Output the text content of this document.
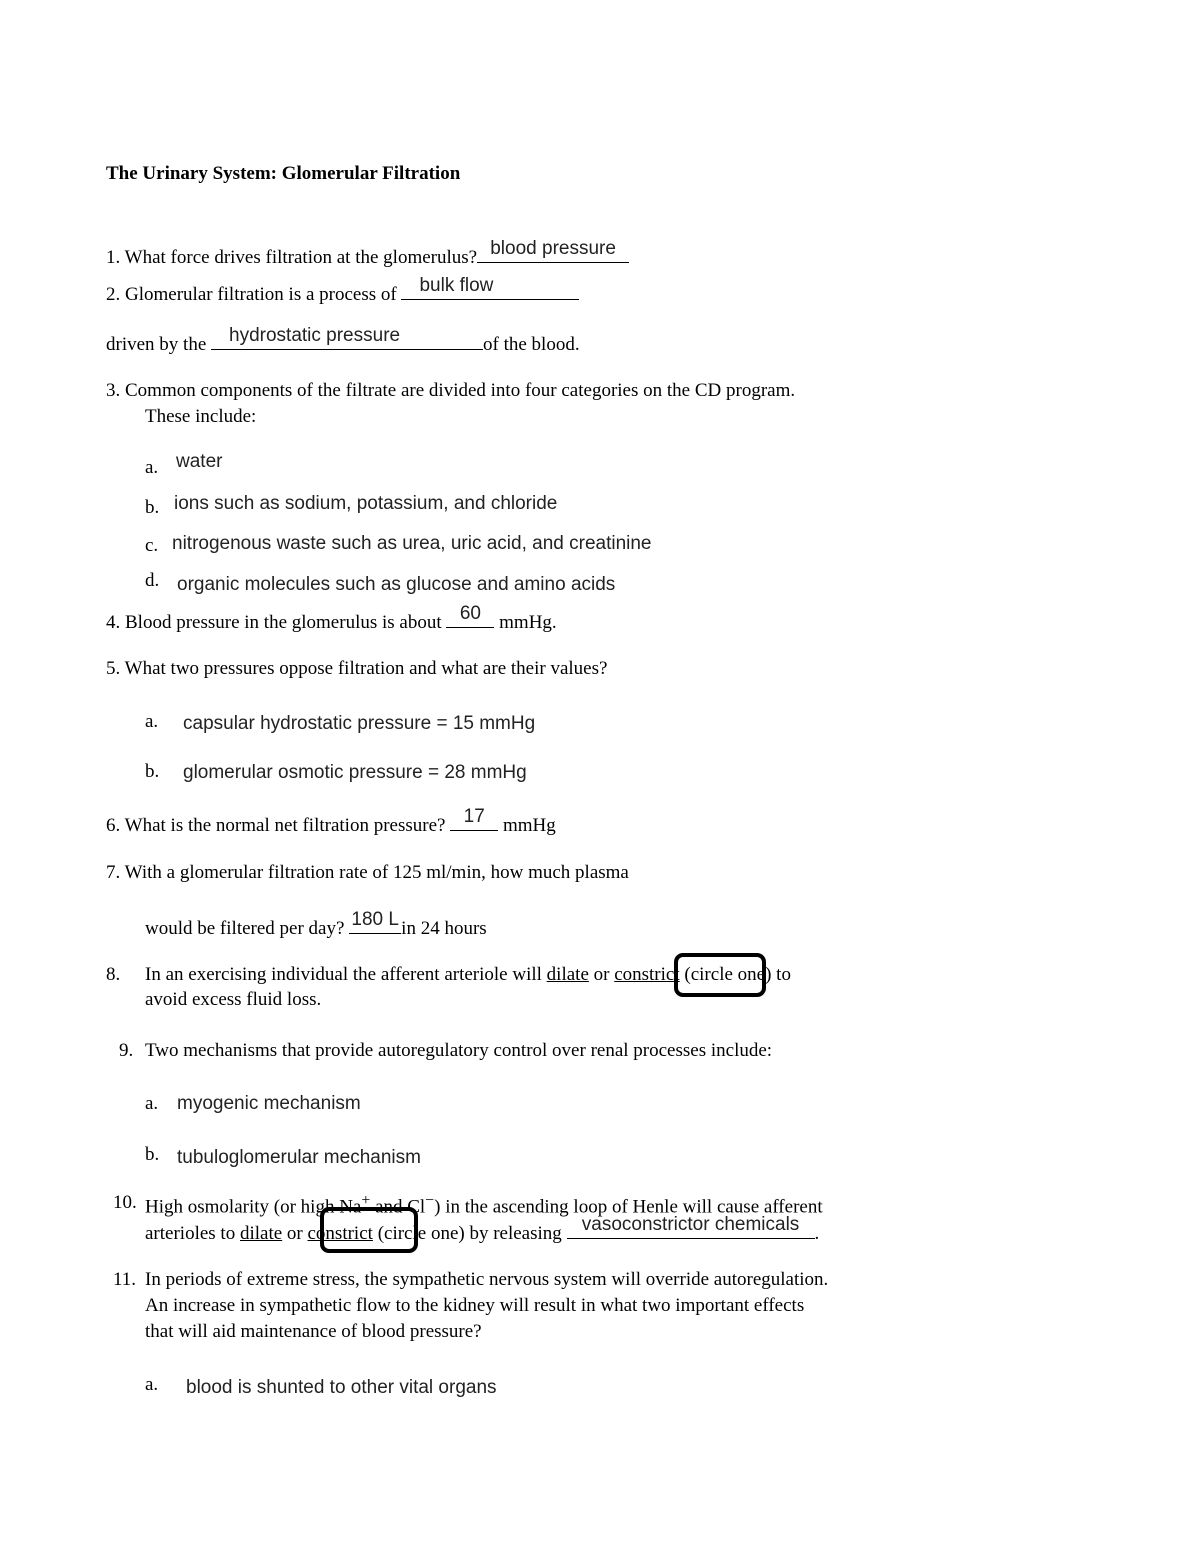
The Urinary System: Glomerular Filtration
1. What force drives filtration at the glomerulus? blood pressure
2. Glomerular filtration is a process of	bulk flow
driven by the	hydrostatic pressure	of the blood.
3. Common components of the filtrate are divided into four categories on the CD program.
These include:
a. water
b. ions such as sodium, potassium, and chloride
c. nitrogenous waste such as urea, uric acid, and creatinine
d. organic molecules such as glucose and amino acids
4. Blood pressure in the glomerulus is about 60 mmHg.
5. What two pressures oppose filtration and what are their values?
a. capsular hydrostatic pressure = 15 mmHg
b. glomerular osmotic pressure = 28 mmHg
6. What is the normal net filtration pressure? 17 mmHg
7. With a glomerular filtration rate of 125 ml/min, how much plasma
would be filtered per day? 180 L in 24 hours
8. In an exercising individual the afferent arteriole will dilate or constrict (circle one) to
avoid excess fluid loss.
9. Two mechanisms that provide autoregulatory control over renal processes include:
a. myogenic mechanism
b. tubuloglomerular mechanism
10. High osmolarity (or high Na+ and Cl−) in the ascending loop of Henle will cause afferent
arterioles to dilate or constrict (circle one) by releasing	vasoconstrictor chemicals .
11. In periods of extreme stress, the sympathetic nervous system will override autoregulation.
An increase in sympathetic flow to the kidney will result in what two important effects
that will aid maintenance of blood pressure?
a. blood is shunted to other vital organs
